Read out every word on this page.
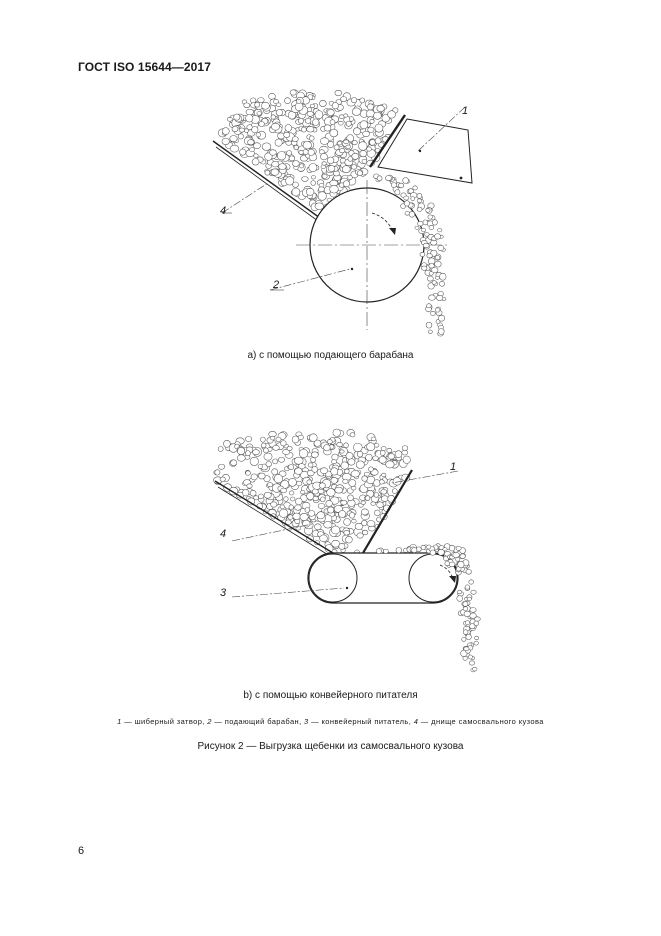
ГОСТ ISO 15644—2017
1
4
2
a) с помощью подающего барабана
1
4
3
b) с помощью конвейерного питателя
1 — шиберный затвор, 2 — подающий барабан, 3 — конвейерный питатель, 4 — днище самосвального кузова
Рисунок 2 — Выгрузка щебенки из самосвального кузова
6
